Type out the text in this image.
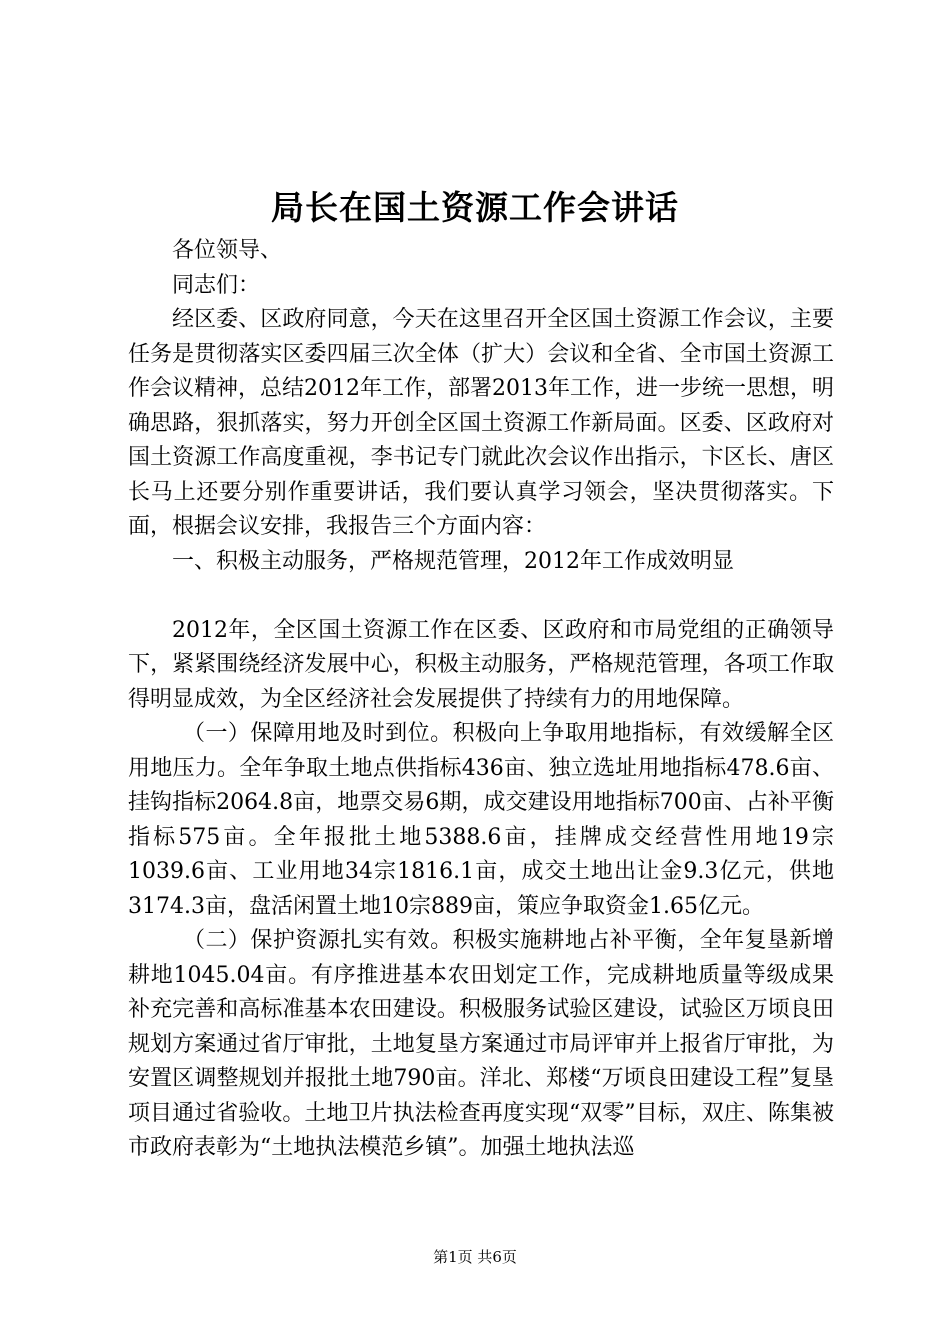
局长在国土资源工作会讲话

各位领导、

同志们：

经区委、区政府同意，今天在这里召开全区国土资源工作会议，主要任务是贯彻落实区委四届三次全体（扩大）会议和全省、全市国土资源工作会议精神，总结2012年工作，部署2013年工作，进一步统一思想，明确思路，狠抓落实，努力开创全区国土资源工作新局面。区委、区政府对国土资源工作高度重视，李书记专门就此次会议作出指示，卞区长、唐区长马上还要分别作重要讲话，我们要认真学习领会，坚决贯彻落实。下面，根据会议安排，我报告三个方面内容：

一、积极主动服务，严格规范管理，2012年工作成效明显

2012年，全区国土资源工作在区委、区政府和市局党组的正确领导下，紧紧围绕经济发展中心，积极主动服务，严格规范管理，各项工作取得明显成效，为全区经济社会发展提供了持续有力的用地保障。

（一）保障用地及时到位。积极向上争取用地指标，有效缓解全区用地压力。全年争取土地点供指标436亩、独立选址用地指标478.6亩、挂钩指标2064.8亩，地票交易6期，成交建设用地指标700亩、占补平衡指标575亩。全年报批土地5388.6亩，挂牌成交经营性用地19宗1039.6亩、工业用地34宗1816.1亩，成交土地出让金9.3亿元，供地3174.3亩，盘活闲置土地10宗889亩，策应争取资金1.65亿元。

（二）保护资源扎实有效。积极实施耕地占补平衡，全年复垦新增耕地1045.04亩。有序推进基本农田划定工作，完成耕地质量等级成果补充完善和高标准基本农田建设。积极服务试验区建设，试验区万顷良田规划方案通过省厅审批，土地复垦方案通过市局评审并上报省厅审批，为安置区调整规划并报批土地790亩。洋北、郑楼“万顷良田建设工程”复垦项目通过省验收。土地卫片执法检查再度实现“双零”目标，双庄、陈集被市政府表彰为“土地执法模范乡镇”。加强土地执法巡

第1页 共6页
